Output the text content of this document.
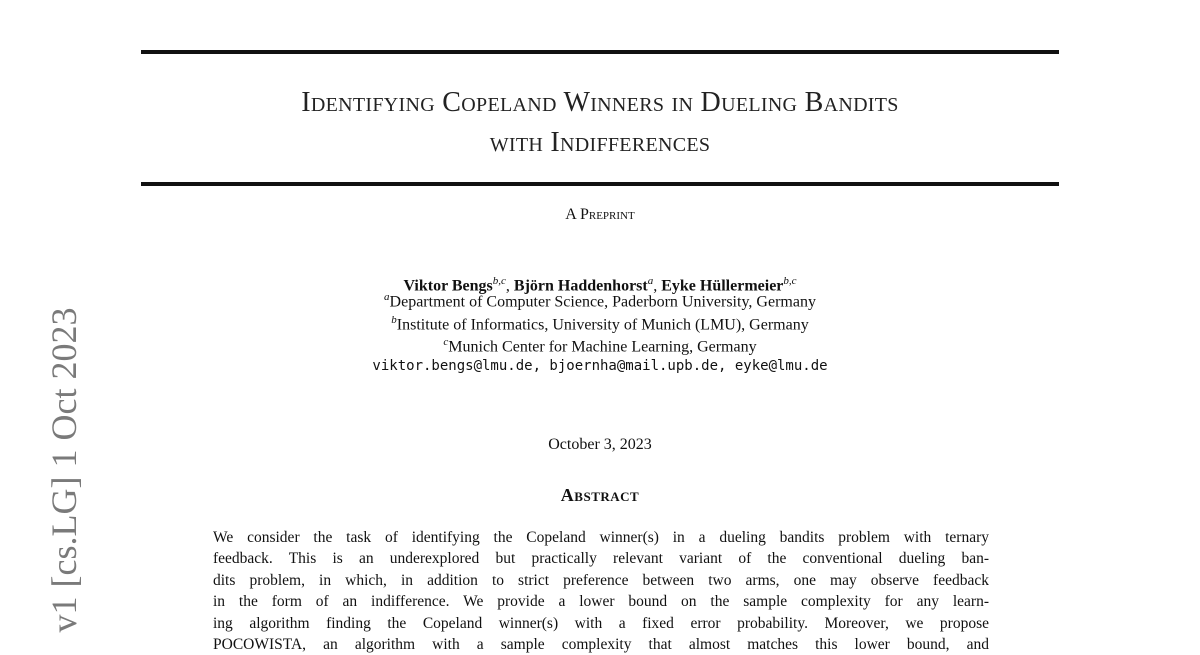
Identifying Copeland Winners in Dueling Bandits
with Indifferences
A Preprint
Viktor Bengs$^{b,c}$, Björn Haddenhorst$^a$, Eyke Hüllermeier$^{b,c}$
$^a$Department of Computer Science, Paderborn University, Germany
$^b$Institute of Informatics, University of Munich (LMU), Germany
$^c$Munich Center for Machine Learning, Germany
viktor.bengs@lmu.de, bjoernha@mail.upb.de, eyke@lmu.de
October 3, 2023
Abstract
We consider the task of identifying the Copeland winner(s) in a dueling bandits problem with ternary
feedback. This is an underexplored but practically relevant variant of the conventional dueling ban-
dits problem, in which, in addition to strict preference between two arms, one may observe feedback
in the form of an indifference. We provide a lower bound on the sample complexity for any learn-
ing algorithm finding the Copeland winner(s) with a fixed error probability. Moreover, we propose
POCOWISTA, an algorithm with a sample complexity that almost matches this lower bound, and
v1 [cs.LG] 1 Oct 2023
